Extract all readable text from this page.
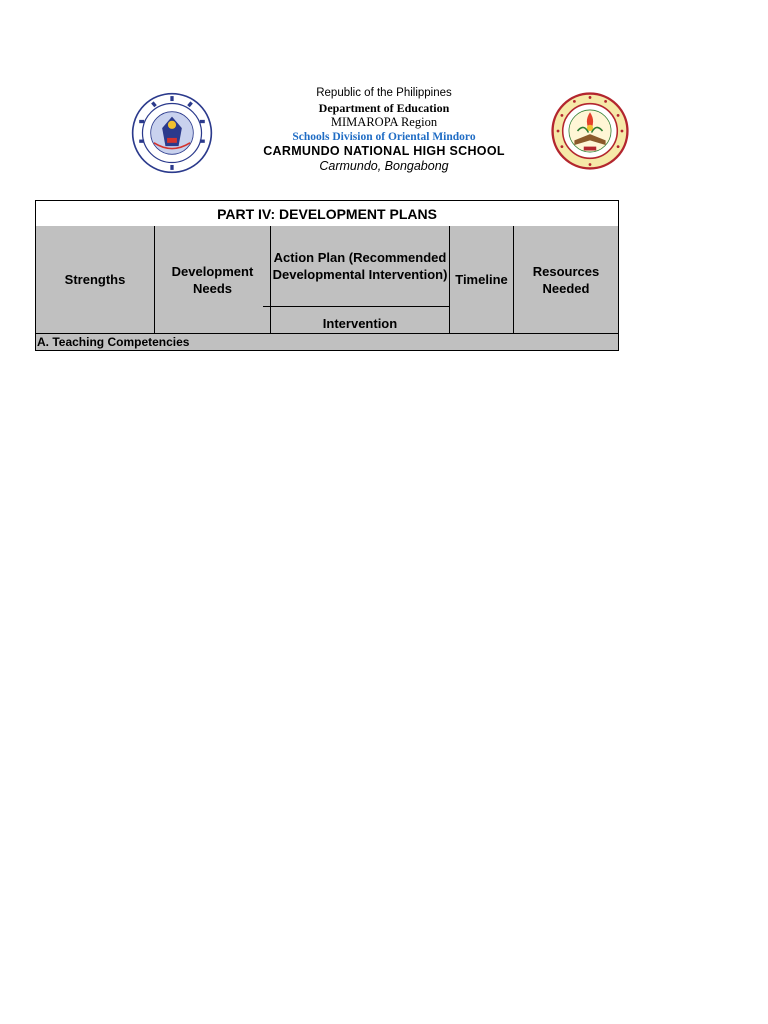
Republic of the Philippines
Department of Education
MIMAROPA Region
Schools Division of Oriental Mindoro
CARMUNDO NATIONAL HIGH SCHOOL
Carmundo, Bongabong
PART IV: DEVELOPMENT PLANS
Strengths
Development Needs
Action Plan (Recommended Developmental Intervention)
Intervention
Timeline
Resources Needed
A. Teaching Competencies
